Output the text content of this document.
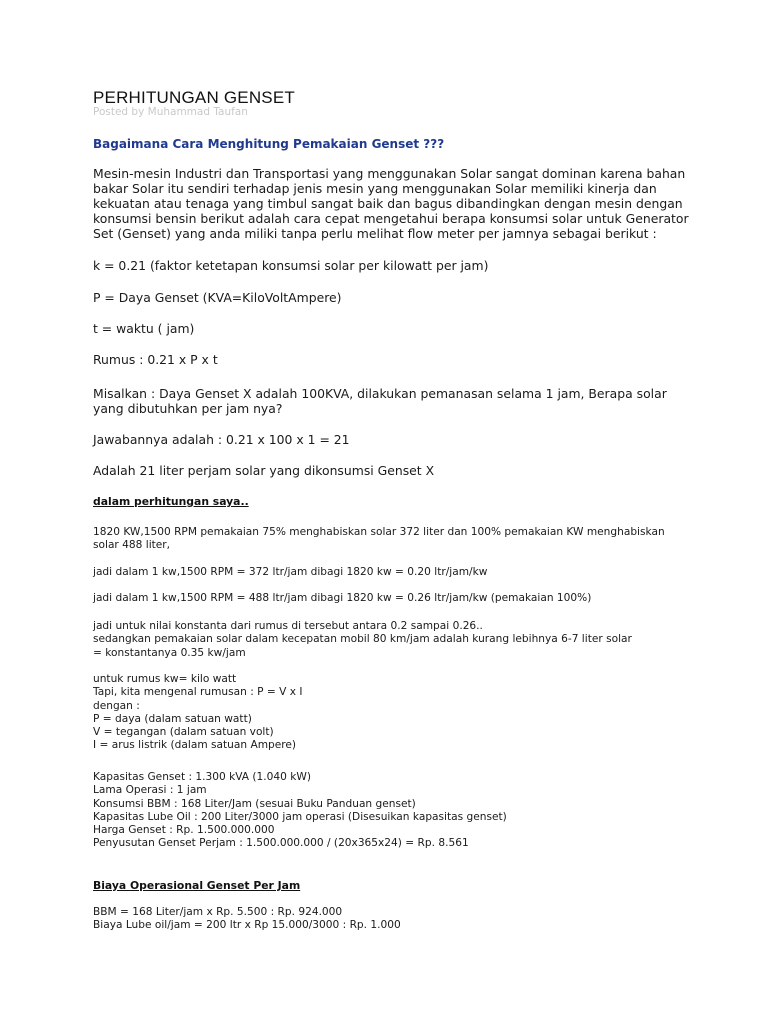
PERHITUNGAN GENSET
Posted by Muhammad Taufan
Bagaimana Cara Menghitung Pemakaian Genset ???
Mesin-mesin Industri dan Transportasi yang menggunakan Solar sangat dominan karena bahan
bakar Solar itu sendiri terhadap jenis mesin yang menggunakan Solar memiliki kinerja dan
kekuatan atau tenaga yang timbul sangat baik dan bagus dibandingkan dengan mesin dengan
konsumsi bensin berikut adalah cara cepat mengetahui berapa konsumsi solar untuk Generator
Set (Genset) yang anda miliki tanpa perlu melihat flow meter per jamnya sebagai berikut :
k = 0.21 (faktor ketetapan konsumsi solar per kilowatt per jam)
P = Daya Genset (KVA=KiloVoltAmpere)
t = waktu ( jam)
Rumus : 0.21 x P x t
Misalkan : Daya Genset X adalah 100KVA, dilakukan pemanasan selama 1 jam, Berapa solar
yang dibutuhkan per jam nya?
Jawabannya adalah : 0.21 x 100 x 1 = 21
Adalah 21 liter perjam solar yang dikonsumsi Genset X
dalam perhitungan saya..
1820 KW,1500 RPM pemakaian 75% menghabiskan solar 372 liter dan 100% pemakaian KW menghabiskan
solar 488 liter,
jadi dalam 1 kw,1500 RPM = 372 ltr/jam dibagi 1820 kw = 0.20 ltr/jam/kw
jadi dalam 1 kw,1500 RPM = 488 ltr/jam dibagi 1820 kw = 0.26 ltr/jam/kw (pemakaian 100%)
jadi untuk nilai konstanta dari rumus di tersebut antara 0.2 sampai 0.26..
sedangkan pemakaian solar dalam kecepatan mobil 80 km/jam adalah kurang lebihnya 6-7 liter solar
= konstantanya 0.35 kw/jam
untuk rumus kw= kilo watt
Tapi, kita mengenal rumusan : P = V x I
dengan :
P = daya (dalam satuan watt)
V = tegangan (dalam satuan volt)
I = arus listrik (dalam satuan Ampere)
Kapasitas Genset : 1.300 kVA (1.040 kW)
Lama Operasi : 1 jam
Konsumsi BBM : 168 Liter/Jam (sesuai Buku Panduan genset)
Kapasitas Lube Oil : 200 Liter/3000 jam operasi (Disesuikan kapasitas genset)
Harga Genset : Rp. 1.500.000.000
Penyusutan Genset Perjam : 1.500.000.000 / (20x365x24) = Rp. 8.561
Biaya Operasional Genset Per Jam
BBM = 168 Liter/jam x Rp. 5.500 : Rp. 924.000
Biaya Lube oil/jam = 200 ltr x Rp 15.000/3000 : Rp. 1.000
